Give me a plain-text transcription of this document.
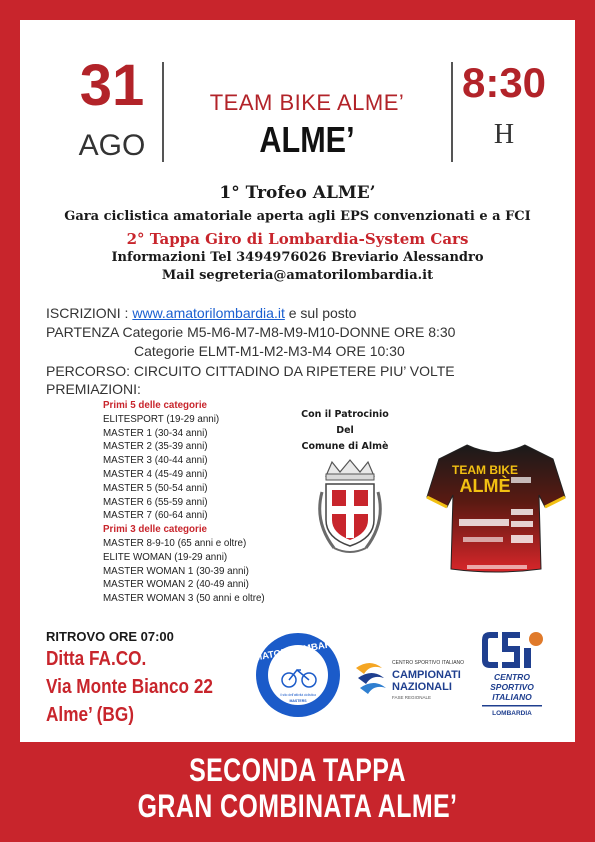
31
AGO
TEAM BIKE ALME’
ALME’
8:30
H
1° Trofeo ALME’
Gara ciclistica amatoriale aperta agli EPS convenzionati e a FCI
2° Tappa Giro di Lombardia-System Cars
Informazioni Tel 3494976026 Breviario Alessandro
Mail segreteria@amatorilombardia.it
ISCRIZIONI : www.amatorilombardia.it e sul posto
PARTENZA Categorie M5-M6-M7-M8-M9-M10-DONNE ORE 8:30
Categorie ELMT-M1-M2-M3-M4 ORE 10:30
PERCORSO: CIRCUITO CITTADINO DA RIPETERE PIU’ VOLTE
PREMIAZIONI:
Primi 5 delle categorie
ELITESPORT (19-29 anni)
MASTER 1 (30-34 anni)
MASTER 2 (35-39 anni)
MASTER 3 (40-44 anni)
MASTER 4 (45-49 anni)
MASTER 5 (50-54 anni)
MASTER 6 (55-59 anni)
MASTER 7 (60-64 anni)
Primi 3 delle categorie
MASTER 8-9-10 (65 anni e oltre)
ELITE WOMAN (19-29 anni)
MASTER WOMAN 1 (30-39 anni)
MASTER WOMAN 2 (40-49 anni)
MASTER WOMAN 3 (50 anni e oltre)
Con il Patrocinio
Del
Comune di Almè
TEAM BIKE
ALMÈ
RITROVO ORE 07:00
Ditta FA.CO.
Via Monte Bianco 22
Alme’ (BG)
AMATORILOMBARDIA
il sito dell'attività ciclistica
MASTERS
CENTRO SPORTIVO ITALIANO
CAMPIONATI
NAZIONALI
FASE REGIONALE
CENTRO
SPORTIVO
ITALIANO
LOMBARDIA
SECONDA TAPPA
GRAN COMBINATA ALME’
